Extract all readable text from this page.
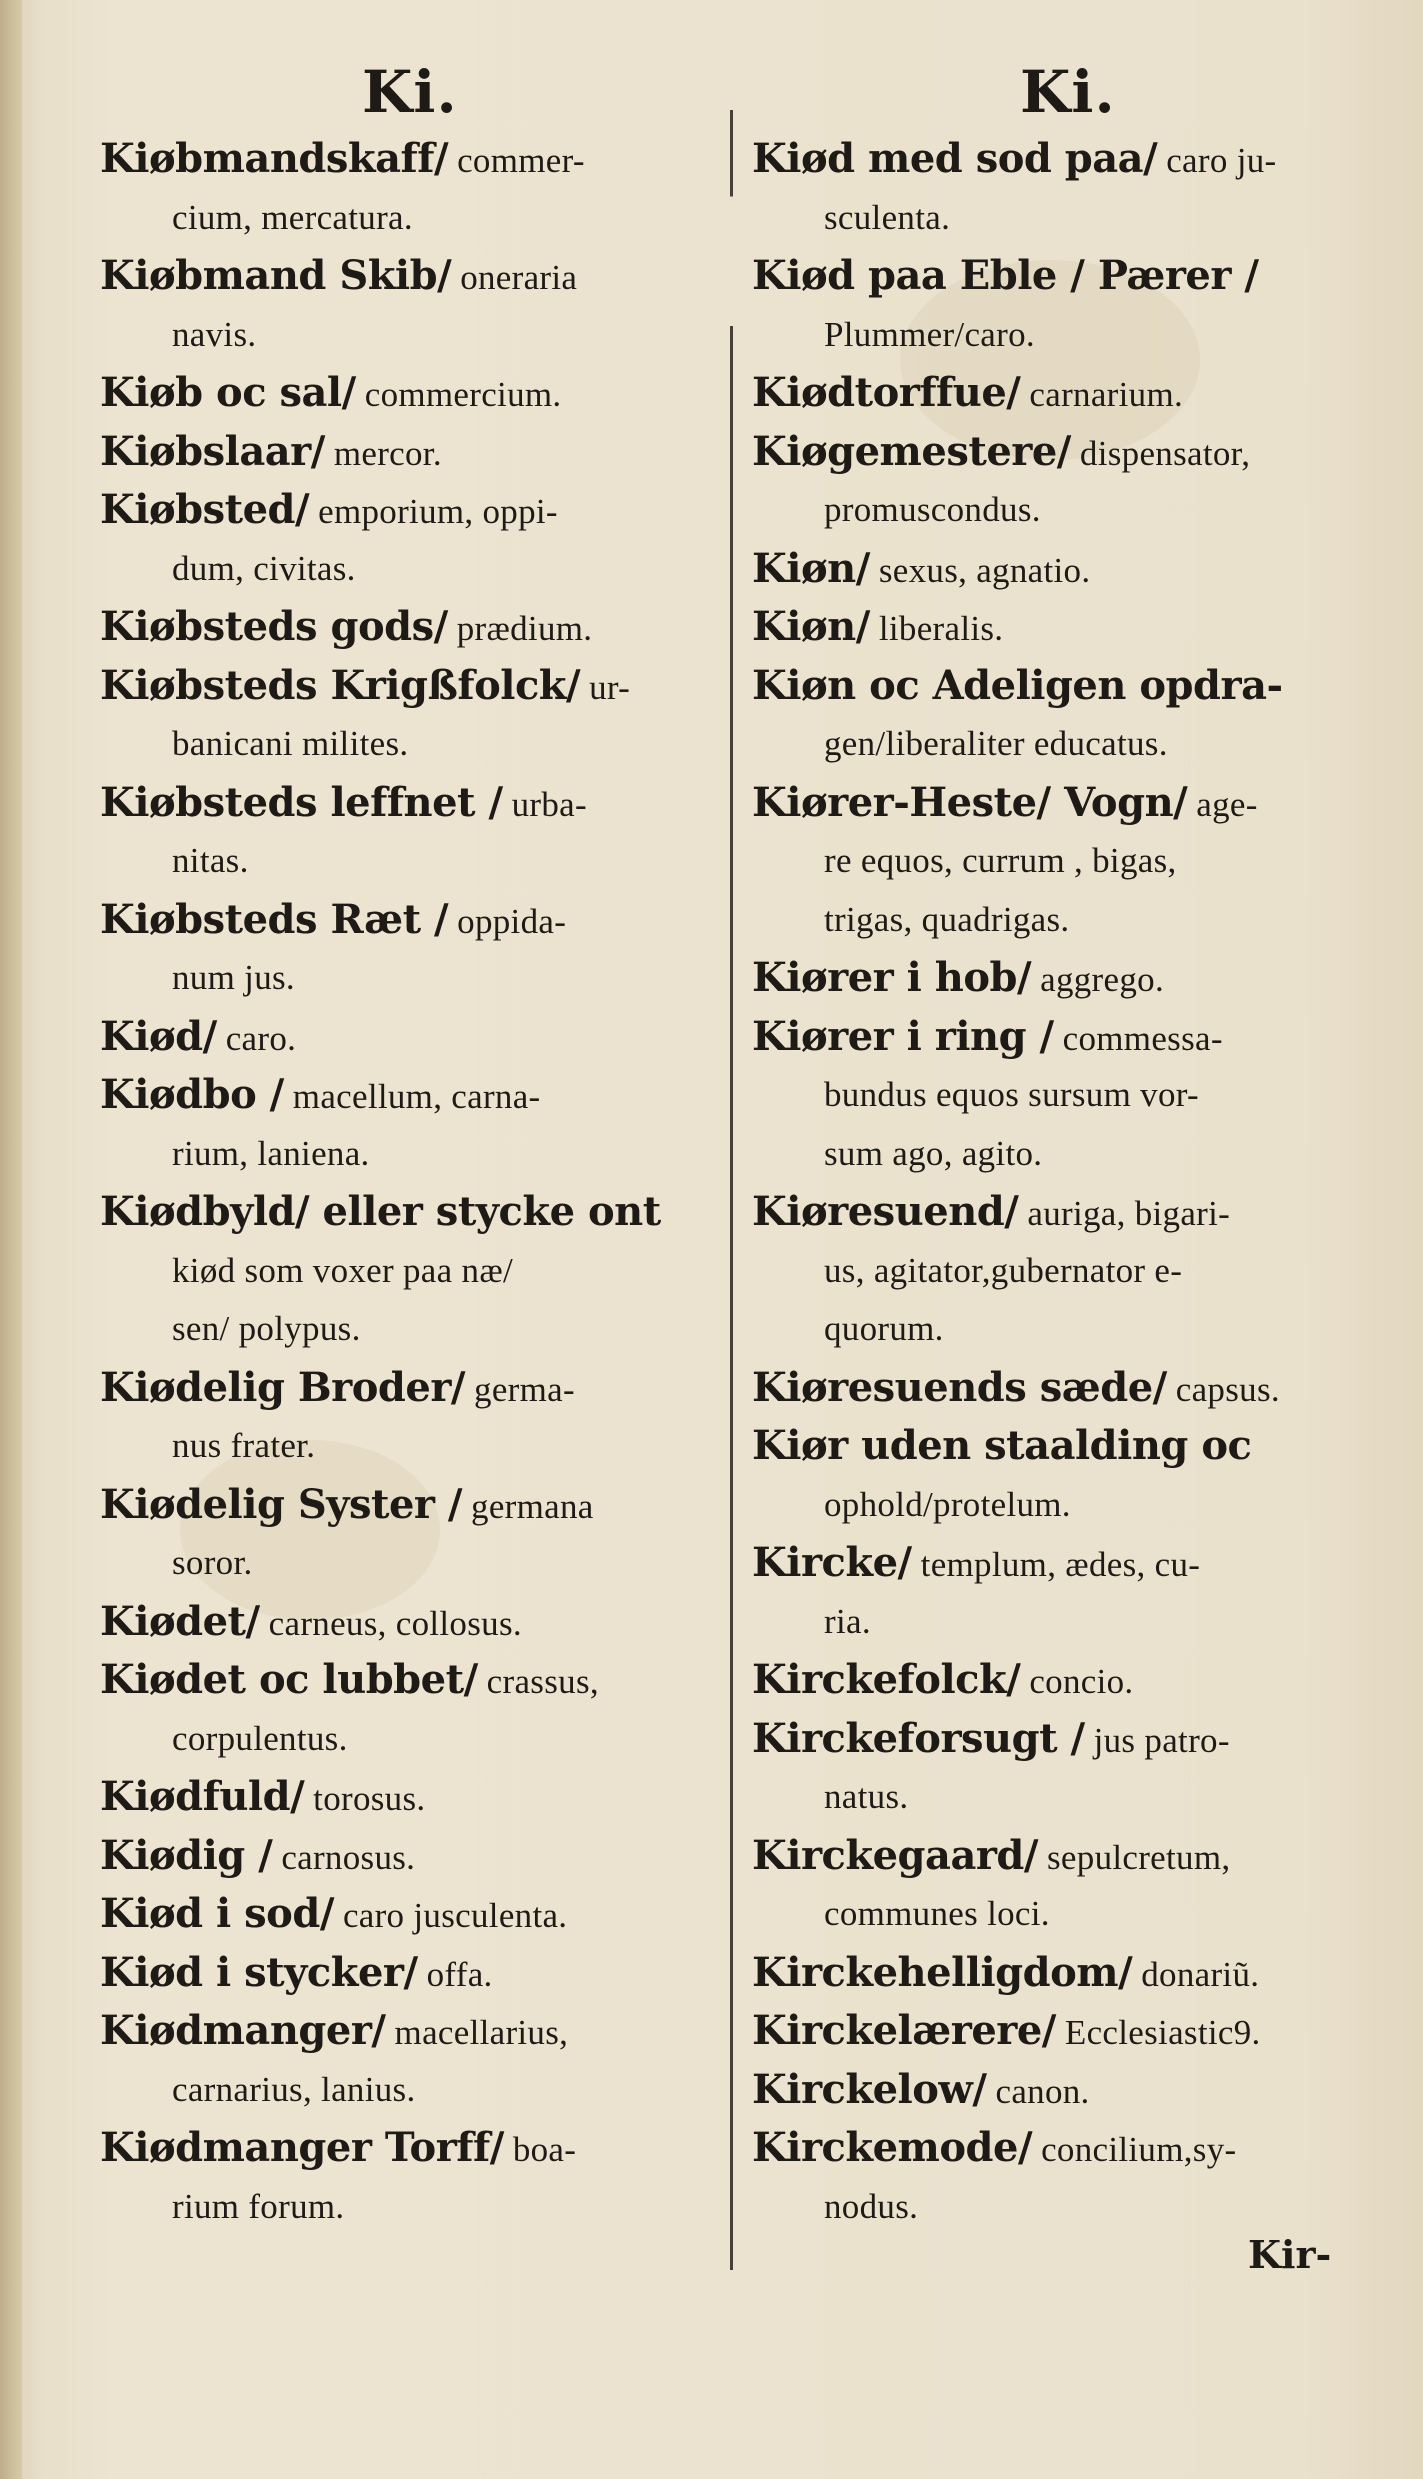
Ki.	Ki.
Kiøbmandskaff/ commer-
cium, mercatura.
Kiøbmand Skib/ oneraria
navis.
Kiøb oc sal/ commercium.
Kiøbslaar/ mercor.
Kiøbsted/ emporium, oppi-
dum, civitas.
Kiøbsteds gods/ prædium.
Kiøbsteds Krigßfolck/ ur-
banicani milites.
Kiøbsteds leffnet / urba-
nitas.
Kiøbsteds Ræt / oppida-
num jus.
Kiød/ caro.
Kiødbo / macellum, carna-
rium, laniena.
Kiødbyld/ eller stycke ont
kiød som voxer paa næ/
sen/ polypus.
Kiødelig Broder/ germa-
nus frater.
Kiødelig Syster / germana
soror.
Kiødet/ carneus, collosus.
Kiødet oc lubbet/ crassus,
corpulentus.
Kiødfuld/ torosus.
Kiødig / carnosus.
Kiød i sod/ caro jusculenta.
Kiød i stycker/ offa.
Kiødmanger/ macellarius,
carnarius, lanius.
Kiødmanger Torff/ boa-
rium forum.
Kiød med sod paa/ caro ju-
sculenta.
Kiød paa Eble / Pærer /
Plummer/caro.
Kiødtorffue/ carnarium.
Kiøgemestere/ dispensator,
promuscondus.
Kiøn/ sexus, agnatio.
Kiøn/ liberalis.
Kiøn oc Adeligen opdra-
gen/liberaliter educatus.
Kiører-Heste/ Vogn/ age-
re equos, currum , bigas,
trigas, quadrigas.
Kiører i hob/ aggrego.
Kiører i ring / commessa-
bundus equos sursum vor-
sum ago, agito.
Kiøresuend/ auriga, bigari-
us, agitator,gubernator e-
quorum.
Kiøresuends sæde/ capsus.
Kiør uden staalding oc
ophold/protelum.
Kircke/ templum, ædes, cu-
ria.
Kirckefolck/ concio.
Kirckeforsugt / jus patro-
natus.
Kirckegaard/ sepulcretum,
communes loci.
Kirckehelligdom/ donariũ.
Kirckelærere/ Ecclesiastic9.
Kirckelow/ canon.
Kirckemode/ concilium,sy-
nodus.
Kir-
